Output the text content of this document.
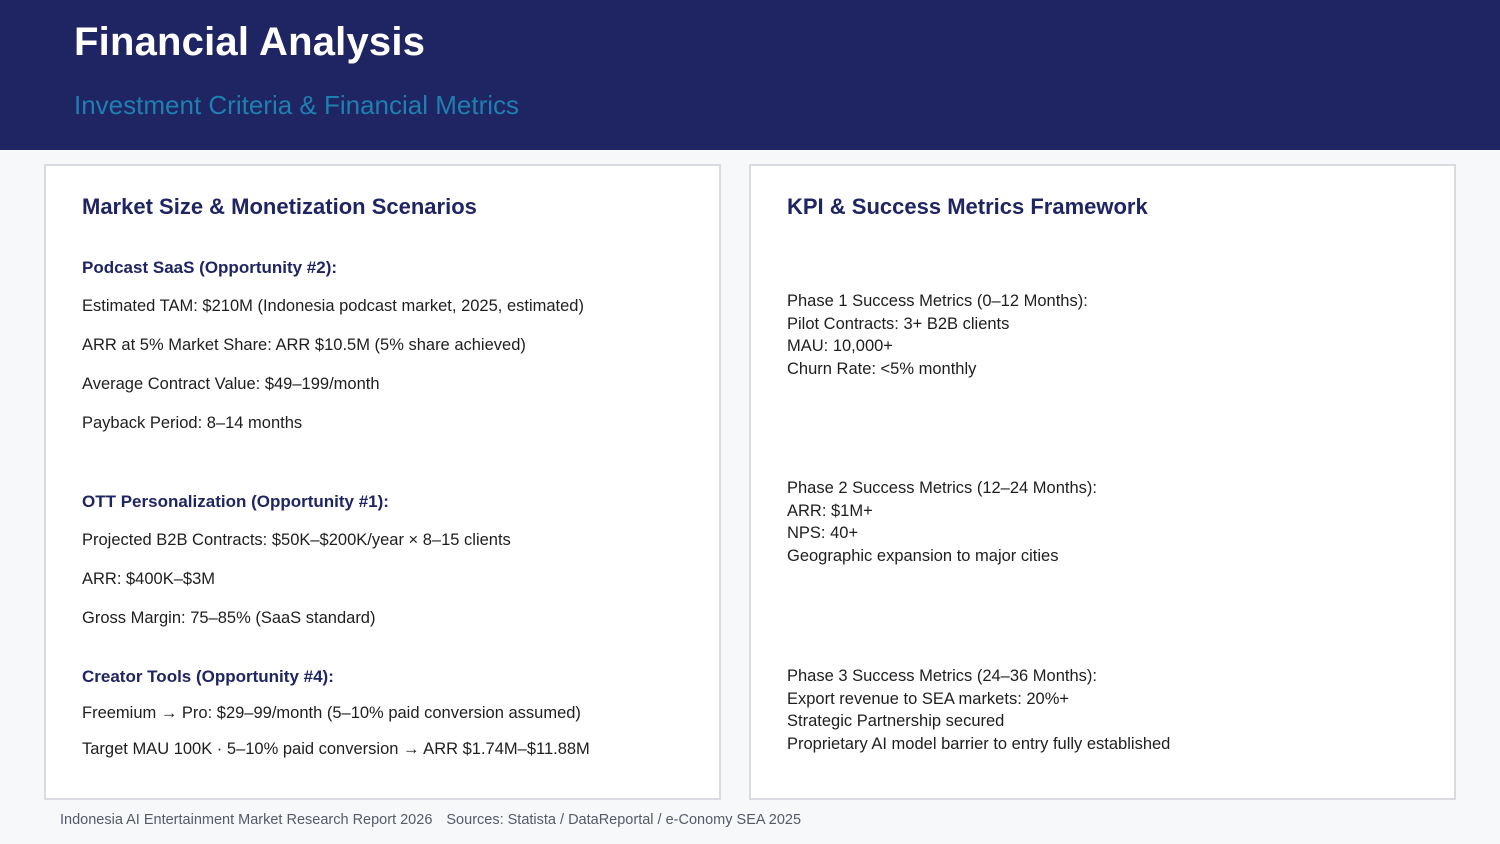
Financial Analysis
Investment Criteria & Financial Metrics
Market Size & Monetization Scenarios
Podcast SaaS (Opportunity #2):
Estimated TAM: $210M (Indonesia podcast market, 2025, estimated)
ARR at 5% Market Share: ARR $10.5M (5% share achieved)
Average Contract Value: $49–199/month
Payback Period: 8–14 months
OTT Personalization (Opportunity #1):
Projected B2B Contracts: $50K–$200K/year × 8–15 clients
ARR: $400K–$3M
Gross Margin: 75–85% (SaaS standard)
Creator Tools (Opportunity #4):
Freemium → Pro: $29–99/month (5–10% paid conversion assumed)
Target MAU 100K · 5–10% paid conversion → ARR $1.74M–$11.88M
KPI & Success Metrics Framework
Phase 1 Success Metrics (0–12 Months):
Pilot Contracts: 3+ B2B clients
MAU: 10,000+
Churn Rate: <5% monthly
Phase 2 Success Metrics (12–24 Months):
ARR: $1M+
NPS: 40+
Geographic expansion to major cities
Phase 3 Success Metrics (24–36 Months):
Export revenue to SEA markets: 20%+
Strategic Partnership secured
Proprietary AI model barrier to entry fully established
Indonesia AI Entertainment Market Research Report 2026 Sources: Statista / DataReportal / e-Conomy SEA 2025
